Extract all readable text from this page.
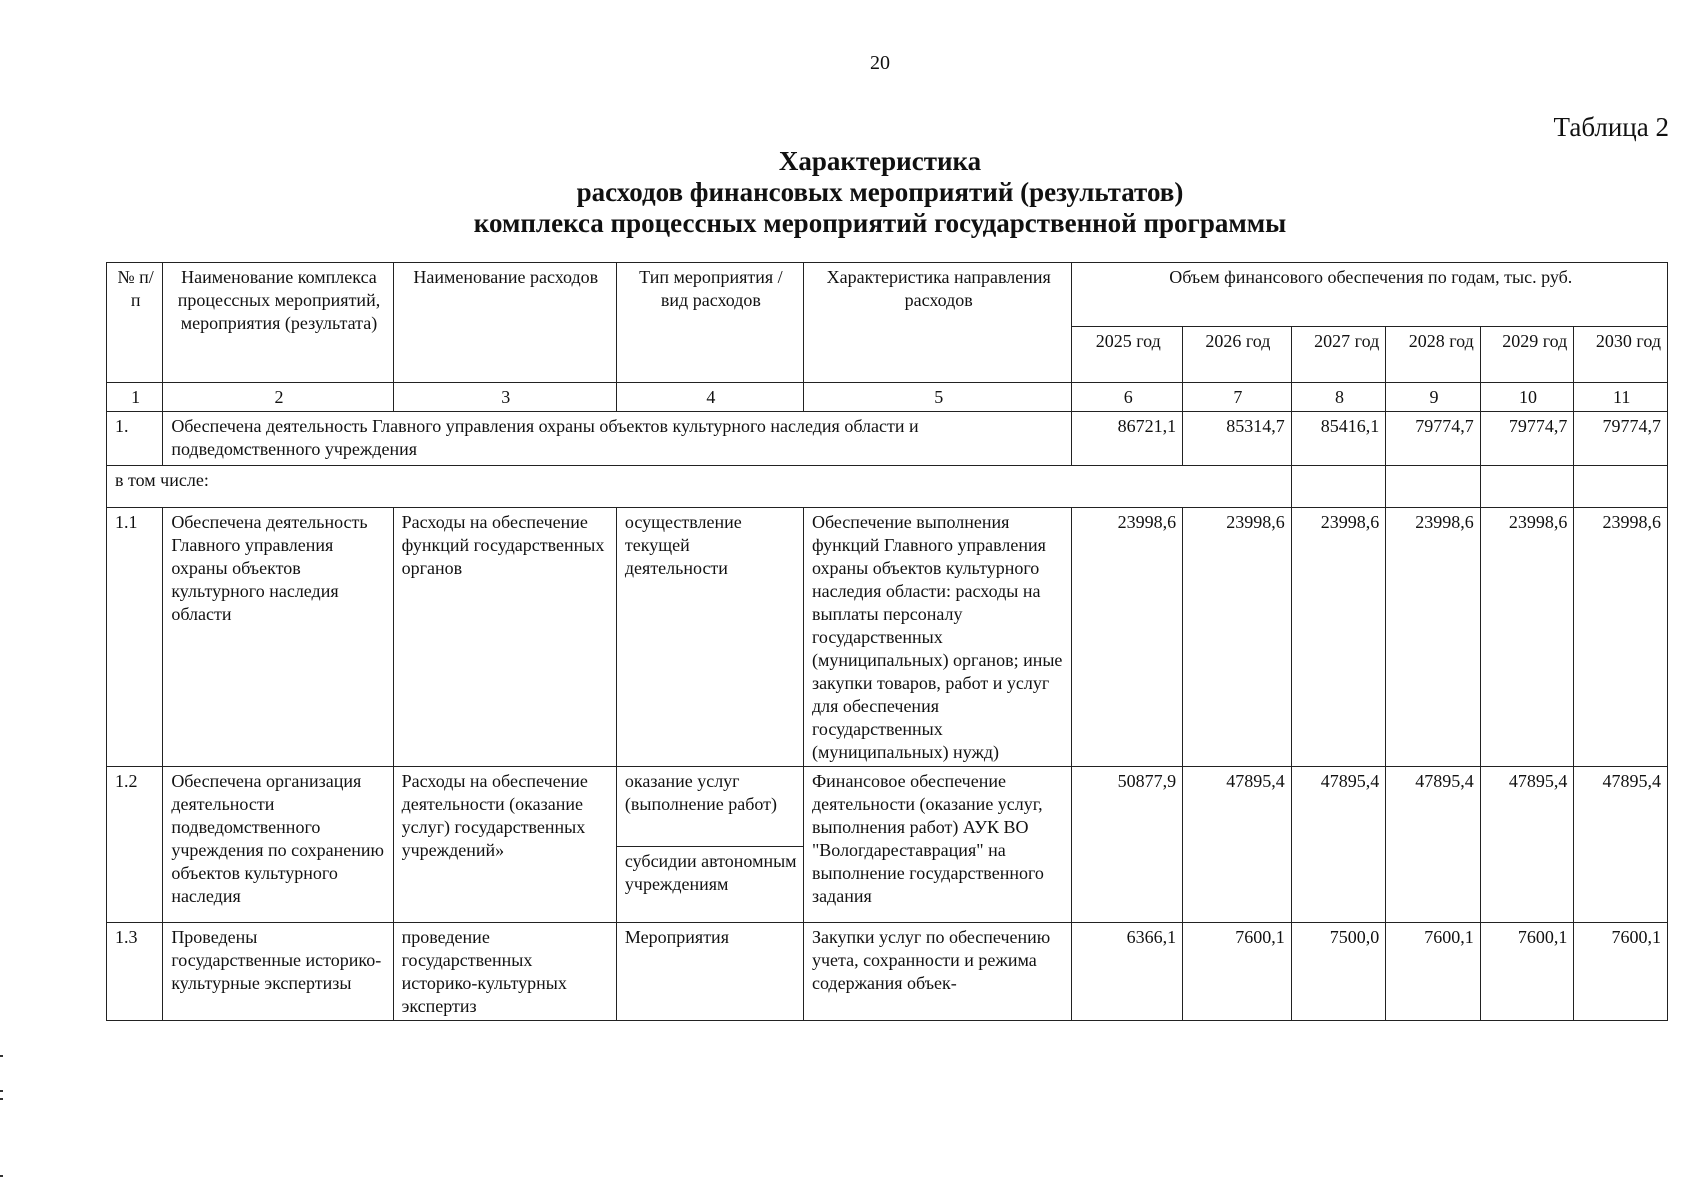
20
Таблица 2
Характеристика
расходов финансовых мероприятий (результатов)
комплекса процессных мероприятий государственной программы
№ п/п	Наименование комплекса процессных мероприятий, мероприятия (результата)	Наименование расходов	Тип мероприятия / вид расходов	Характеристика направления расходов	Объем финансового обеспечения по годам, тыс. руб.					
					2025 год	2026 год	2027 год	2028 год	2029 год	2030 год
1	2	3	4	5	6	7	8	9	10	11
1.	Обеспечена деятельность Главного управления охраны объектов культурного наследия области и подведомственного учреждения				86721,1	85314,7	85416,1	79774,7	79774,7	79774,7
в том числе:										
1.1	Обеспечена деятельность Главного управления охраны объектов культурного наследия области	Расходы на обеспечение функций государственных органов	осуществление текущей деятельности	Обеспечение выполнения функций Главного управления охраны объектов культурного наследия области: расходы на выплаты персоналу государственных (муниципальных) органов; иные закупки товаров, работ и услуг для обеспечения государственных (муниципальных) нужд)	23998,6	23998,6	23998,6	23998,6	23998,6	23998,6
1.2	Обеспечена организация деятельности подведомственного учреждения по сохранению объектов культурного наследия	Расходы на обеспечение деятельности (оказание услуг) государственных учреждений»	оказание услуг (выполнение работ)	Финансовое обеспечение деятельности (оказание услуг, выполнения работ) АУК ВО "Вологдареставрация" на выполнение государственного задания	50877,9	47895,4	47895,4	47895,4	47895,4	47895,4
			субсидии автономным учреждениям							
1.3	Проведены государственные историко-культурные экспертизы	проведение государственных историко-культурных экспертиз	Мероприятия	Закупки услуг по обеспечению учета, сохранности и режима содержания объек-	6366,1	7600,1	7500,0	7600,1	7600,1	7600,1
